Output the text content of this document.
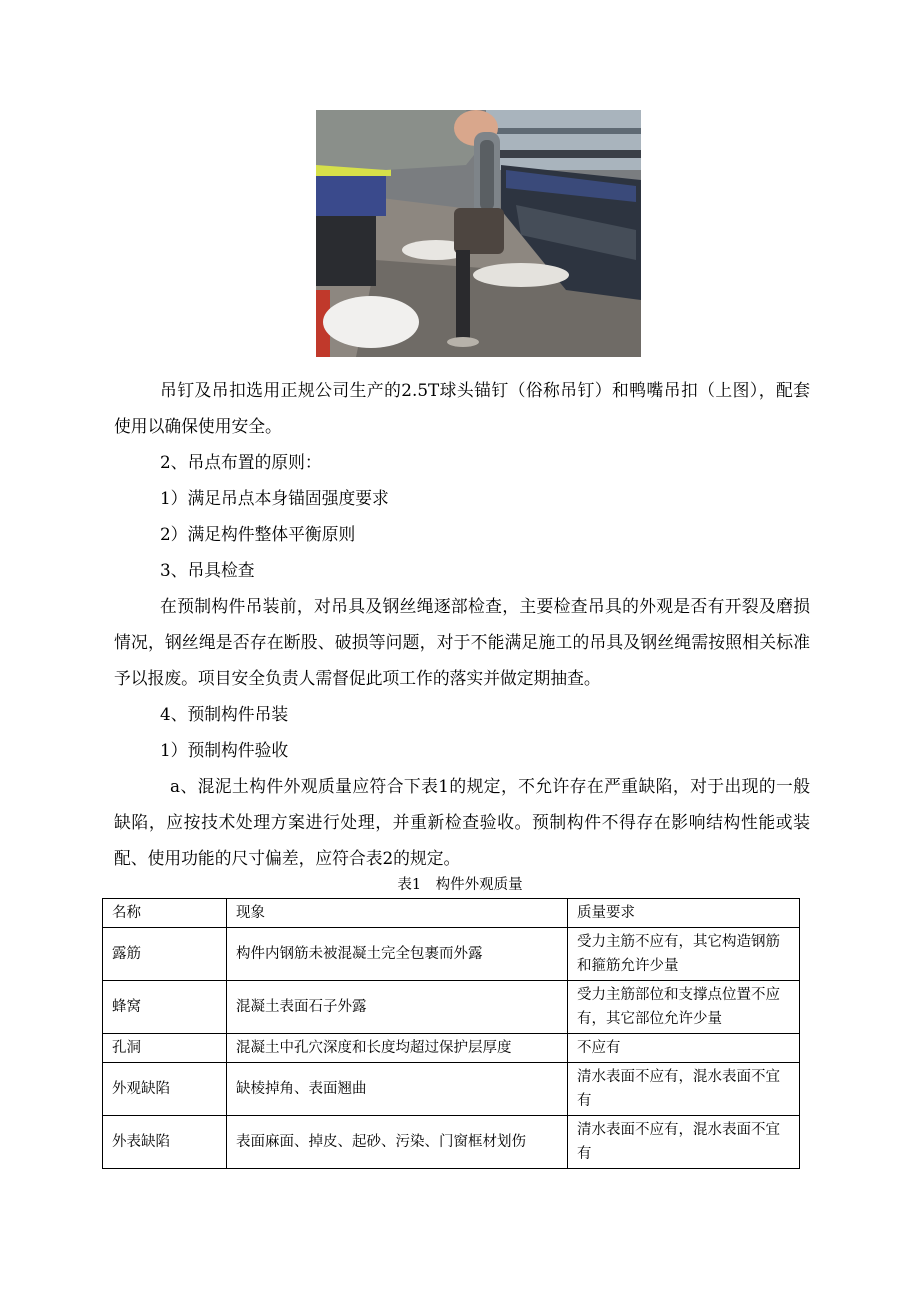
吊钉及吊扣选用正规公司生产的2.5T球头锚钉（俗称吊钉）和鸭嘴吊扣（上图），配套使用以确保使用安全。

2、吊点布置的原则：

1）满足吊点本身锚固强度要求

2）满足构件整体平衡原则

3、吊具检查

在预制构件吊装前，对吊具及钢丝绳逐部检查，主要检查吊具的外观是否有开裂及磨损情况，钢丝绳是否存在断股、破损等问题，对于不能满足施工的吊具及钢丝绳需按照相关标准予以报废。项目安全负责人需督促此项工作的落实并做定期抽查。

4、预制构件吊装

1）预制构件验收

a、混泥土构件外观质量应符合下表1的规定，不允许存在严重缺陷，对于出现的一般缺陷，应按技术处理方案进行处理，并重新检查验收。预制构件不得存在影响结构性能或装配、使用功能的尺寸偏差，应符合表2的规定。

表1　构件外观质量
名称	现象	质量要求
露筋	构件内钢筋未被混凝土完全包裹而外露	受力主筋不应有，其它构造钢筋和箍筋允许少量
蜂窝	混凝土表面石子外露	受力主筋部位和支撑点位置不应有，其它部位允许少量
孔洞	混凝土中孔穴深度和长度均超过保护层厚度	不应有
外观缺陷	缺棱掉角、表面翘曲	清水表面不应有，混水表面不宜有
外表缺陷	表面麻面、掉皮、起砂、污染、门窗框材划伤	清水表面不应有，混水表面不宜有
